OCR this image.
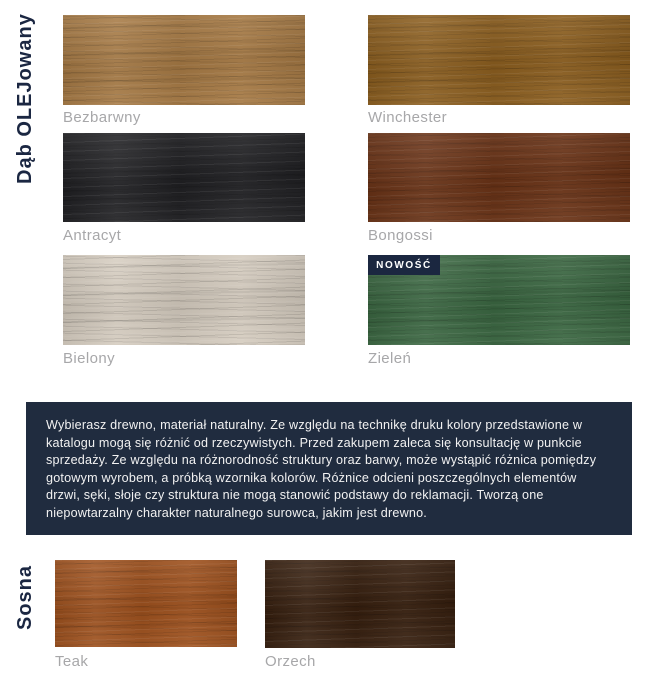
Dąb OLEJowany Bezbarwny	Winchester
Antracyt	Bongossi
Bielony
NOWOŚĆ
Zieleń
Wybierasz drewno, materiał naturalny. Ze względu na technikę druku kolory przedstawione w katalogu mogą się różnić od rzeczywistych. Przed zakupem zaleca się konsultację w punkcie sprzedaży. Ze względu na różnorodność struktury oraz barwy, może wystąpić różnica pomiędzy gotowym wyrobem, a próbką wzornika kolorów. Różnice odcieni poszczególnych elementów drzwi, sęki, słoje czy struktura nie mogą stanowić podstawy do reklamacji. Tworzą one niepowtarzalny charakter naturalnego surowca, jakim jest drewno.
Sosna
Teak	Orzech
